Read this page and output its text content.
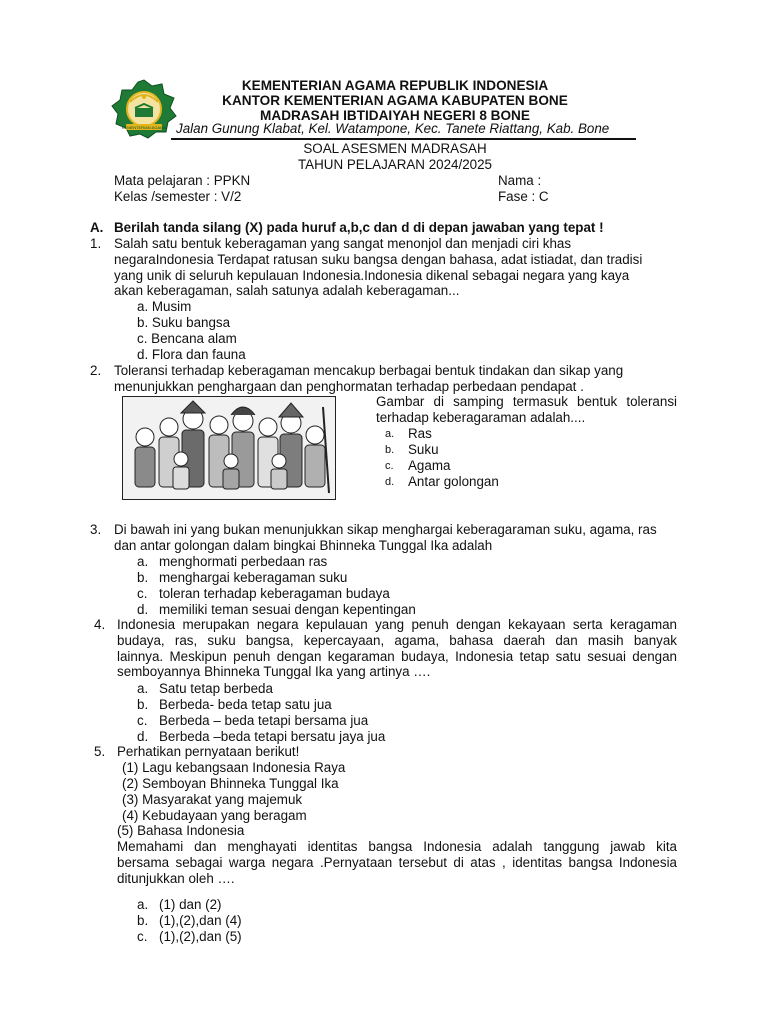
KEMENTERIAN AGAMA
KEMENTERIAN AGAMA REPUBLIK INDONESIA
KANTOR KEMENTERIAN AGAMA KABUPATEN BONE
MADRASAH IBTIDAIYAH NEGERI 8 BONE
Jalan Gunung Klabat, Kel. Watampone, Kec. Tanete Riattang, Kab. Bone
SOAL ASESMEN MADRASAH
TAHUN PELAJARAN 2024/2025
Mata pelajaran : PPKN
Kelas /semester : V/2
Nama :
Fase : C
A. Berilah tanda silang (X) pada huruf a,b,c dan d di depan jawaban yang tepat !
1. Salah satu bentuk keberagaman yang sangat menonjol dan menjadi ciri khas
negaraIndonesia Terdapat ratusan suku bangsa dengan bahasa, adat istiadat, dan tradisi
yang unik di seluruh kepulauan Indonesia.Indonesia dikenal sebagai negara yang kaya
akan keberagaman, salah satunya adalah keberagaman...
a. Musim
b. Suku bangsa
c. Bencana alam
d. Flora dan fauna
2. Toleransi terhadap keberagaman mencakup berbagai bentuk tindakan dan sikap yang
menunjukkan penghargaan dan penghormatan terhadap perbedaan pendapat .
Gambar di samping termasuk bentuk toleransi
terhadap keberagaraman adalah....
a. Ras
b. Suku
c. Agama
d. Antar golongan
3. Di bawah ini yang bukan menunjukkan sikap menghargai keberagaraman suku, agama, ras
dan antar golongan dalam bingkai Bhinneka Tunggal Ika adalah
a. menghormati perbedaan ras
b. menghargai keberagaman suku
c. toleran terhadap keberagaman budaya
d. memiliki teman sesuai dengan kepentingan
4. Indonesia merupakan negara kepulauan yang penuh dengan kekayaan serta keragaman
budaya, ras, suku bangsa, kepercayaan, agama, bahasa daerah dan masih banyak
lainnya. Meskipun penuh dengan kegaraman budaya, Indonesia tetap satu sesuai dengan
semboyannya Bhinneka Tunggal Ika yang artinya ….
a. Satu tetap berbeda
b. Berbeda- beda tetap satu jua
c. Berbeda – beda tetapi bersama jua
d. Berbeda –beda tetapi bersatu jaya jua
5. Perhatikan pernyataan berikut!
(1) Lagu kebangsaan Indonesia Raya
(2) Semboyan Bhinneka Tunggal Ika
(3) Masyarakat yang majemuk
(4) Kebudayaan yang beragam
(5) Bahasa Indonesia
Memahami dan menghayati identitas bangsa Indonesia adalah tanggung jawab kita
bersama sebagai warga negara .Pernyataan tersebut di atas , identitas bangsa Indonesia
ditunjukkan oleh ….
a. (1) dan (2)
b. (1),(2),dan (4)
c. (1),(2),dan (5)
